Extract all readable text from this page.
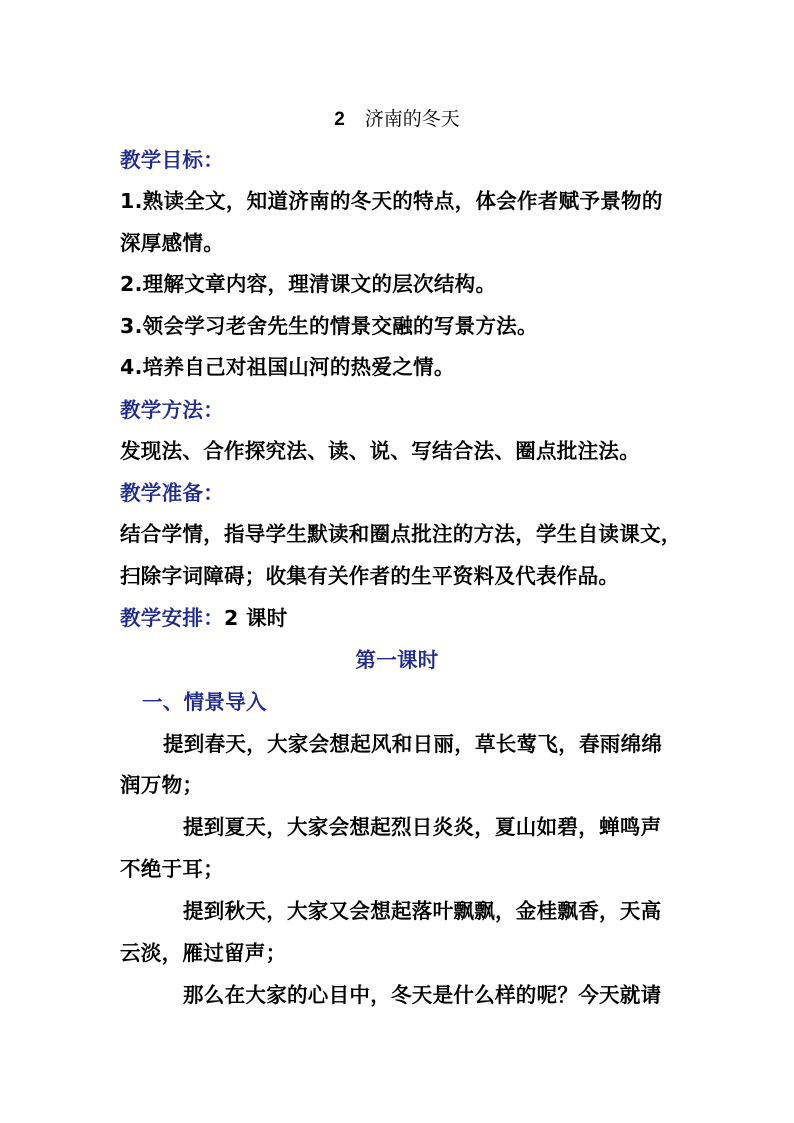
2 济南的冬天
教学目标：
1.熟读全文，知道济南的冬天的特点，体会作者赋予景物的
深厚感情。
2.理解文章内容，理清课文的层次结构。
3.领会学习老舍先生的情景交融的写景方法。
4.培养自己对祖国山河的热爱之情。
教学方法：
发现法、合作探究法、读、说、写结合法、圈点批注法。
教学准备：
结合学情，指导学生默读和圈点批注的方法，学生自读课文，
扫除字词障碍；收集有关作者的生平资料及代表作品。
教学安排：2 课时
第一课时
一、情景导入
提到春天，大家会想起风和日丽，草长莺飞，春雨绵绵
润万物；
提到夏天，大家会想起烈日炎炎，夏山如碧，蝉鸣声
不绝于耳；
提到秋天，大家又会想起落叶飘飘，金桂飘香，天高
云淡，雁过留声；
那么在大家的心目中，冬天是什么样的呢？今天就请
